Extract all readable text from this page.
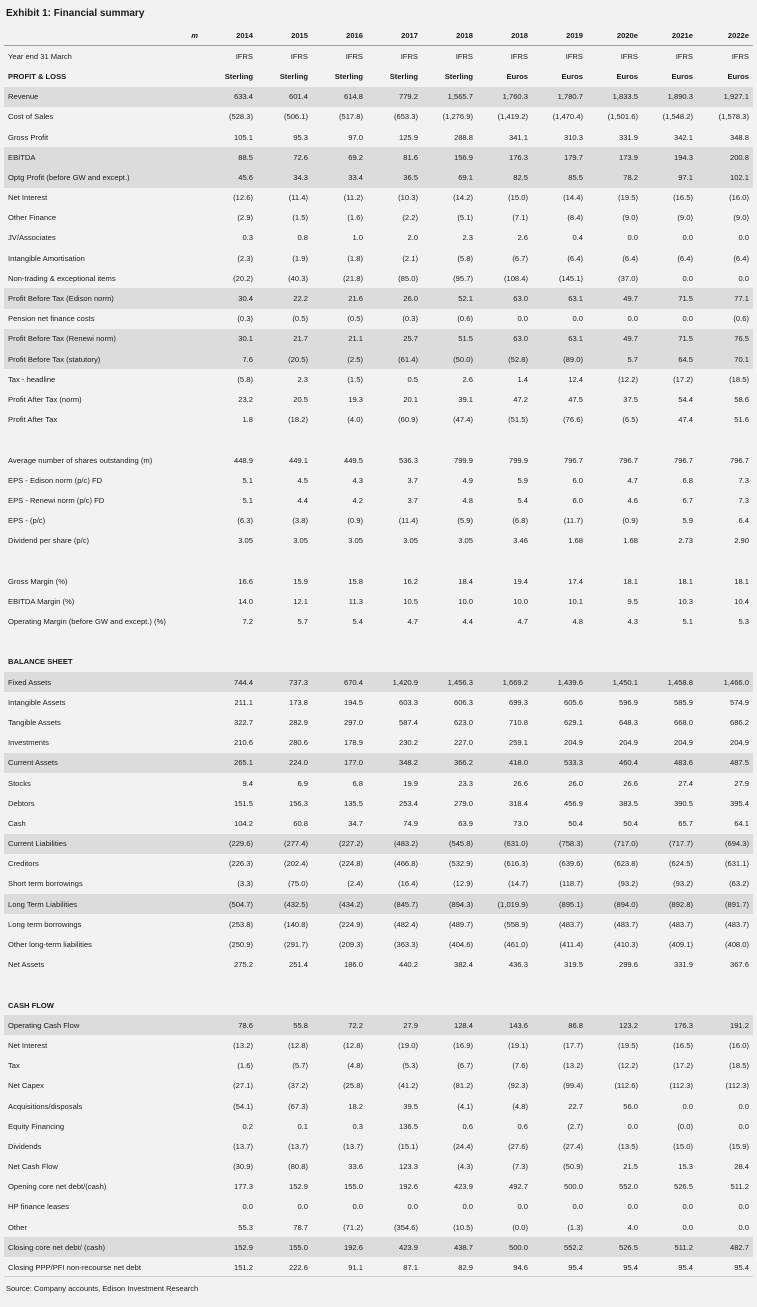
Exhibit 1: Financial summary
	m	2014	2015	2016	2017	2018	2018	2019	2020e	2021e	2022e
Year end 31 March		IFRS	IFRS	IFRS	IFRS	IFRS	IFRS	IFRS	IFRS	IFRS	IFRS
PROFIT & LOSS		Sterling	Sterling	Sterling	Sterling	Sterling	Euros	Euros	Euros	Euros	Euros
Revenue		633.4	601.4	614.8	779.2	1,565.7	1,760.3	1,780.7	1,833.5	1,890.3	1,927.1
Cost of Sales		(528.3)	(506.1)	(517.8)	(653.3)	(1,276.9)	(1,419.2)	(1,470.4)	(1,501.6)	(1,548.2)	(1,578.3)
Gross Profit		105.1	95.3	97.0	125.9	288.8	341.1	310.3	331.9	342.1	348.8
EBITDA		88.5	72.6	69.2	81.6	156.9	176.3	179.7	173.9	194.3	200.8
Optg Profit (before GW and except.)		45.6	34.3	33.4	36.5	69.1	82.5	85.5	78.2	97.1	102.1
Net Interest		(12.6)	(11.4)	(11.2)	(10.3)	(14.2)	(15.0)	(14.4)	(19.5)	(16.5)	(16.0)
Other Finance		(2.9)	(1.5)	(1.6)	(2.2)	(5.1)	(7.1)	(8.4)	(9.0)	(9.0)	(9.0)
JV/Associates		0.3	0.8	1.0	2.0	2.3	2.6	0.4	0.0	0.0	0.0
Intangible Amortisation		(2.3)	(1.9)	(1.8)	(2.1)	(5.8)	(6.7)	(6.4)	(6.4)	(6.4)	(6.4)
Non-trading & exceptional items		(20.2)	(40.3)	(21.8)	(85.0)	(95.7)	(108.4)	(145.1)	(37.0)	0.0	0.0
Profit Before Tax (Edison norm)		30.4	22.2	21.6	26.0	52.1	63.0	63.1	49.7	71.5	77.1
Pension net finance costs		(0.3)	(0.5)	(0.5)	(0.3)	(0.6)	0.0	0.0	0.0	0.0	(0.6)
Profit Before Tax (Renewi norm)		30.1	21.7	21.1	25.7	51.5	63.0	63.1	49.7	71.5	76.5
Profit Before Tax (statutory)		7.6	(20.5)	(2.5)	(61.4)	(50.0)	(52.8)	(89.0)	5.7	64.5	70.1
Tax - headline		(5.8)	2.3	(1.5)	0.5	2.6	1.4	12.4	(12.2)	(17.2)	(18.5)
Profit After Tax (norm)		23.2	20.5	19.3	20.1	39.1	47.2	47.5	37.5	54.4	58.6
Profit After Tax		1.8	(18.2)	(4.0)	(60.9)	(47.4)	(51.5)	(76.6)	(6.5)	47.4	51.6

Average number of shares outstanding (m)		448.9	449.1	449.5	536.3	799.9	799.9	796.7	796.7	796.7	796.7
EPS - Edison norm (p/c) FD		5.1	4.5	4.3	3.7	4.9	5.9	6.0	4.7	6.8	7.3
EPS - Renewi norm (p/c) FD		5.1	4.4	4.2	3.7	4.8	5.4	6.0	4.6	6.7	7.3
EPS - (p/c)		(6.3)	(3.8)	(0.9)	(11.4)	(5.9)	(6.8)	(11.7)	(0.9)	5.9	6.4
Dividend per share (p/c)		3.05	3.05	3.05	3.05	3.05	3.46	1.68	1.68	2.73	2.90

Gross Margin (%)		16.6	15.9	15.8	16.2	18.4	19.4	17.4	18.1	18.1	18.1
EBITDA Margin (%)		14.0	12.1	11.3	10.5	10.0	10.0	10.1	9.5	10.3	10.4
Operating Margin (before GW and except.) (%)		7.2	5.7	5.4	4.7	4.4	4.7	4.8	4.3	5.1	5.3

BALANCE SHEET											
Fixed Assets		744.4	737.3	670.4	1,420.9	1,456.3	1,669.2	1,439.6	1,450.1	1,458.8	1,466.0
Intangible Assets		211.1	173.8	194.5	603.3	606.3	699.3	605.6	596.9	585.9	574.9
Tangible Assets		322.7	282.9	297.0	587.4	623.0	710.8	629.1	648.3	668.0	686.2
Investments		210.6	280.6	178.9	230.2	227.0	259.1	204.9	204.9	204.9	204.9
Current Assets		265.1	224.0	177.0	348.2	366.2	418.0	533.3	460.4	483.6	487.5
Stocks		9.4	6.9	6.8	19.9	23.3	26.6	26.0	26.6	27.4	27.9
Debtors		151.5	156.3	135.5	253.4	279.0	318.4	456.9	383.5	390.5	395.4
Cash		104.2	60.8	34.7	74.9	63.9	73.0	50.4	50.4	65.7	64.1
Current Liabilities		(229.6)	(277.4)	(227.2)	(483.2)	(545.8)	(631.0)	(758.3)	(717.0)	(717.7)	(694.3)
Creditors		(226.3)	(202.4)	(224.8)	(466.8)	(532.9)	(616.3)	(639.6)	(623.8)	(624.5)	(631.1)
Short term borrowings		(3.3)	(75.0)	(2.4)	(16.4)	(12.9)	(14.7)	(118.7)	(93.2)	(93.2)	(63.2)
Long Term Liabilities		(504.7)	(432.5)	(434.2)	(845.7)	(894.3)	(1,019.9)	(895.1)	(894.0)	(892.8)	(891.7)
Long term borrowings		(253.8)	(140.8)	(224.9)	(482.4)	(489.7)	(558.9)	(483.7)	(483.7)	(483.7)	(483.7)
Other long-term liabilities		(250.9)	(291.7)	(209.3)	(363.3)	(404.6)	(461.0)	(411.4)	(410.3)	(409.1)	(408.0)
Net Assets		275.2	251.4	186.0	440.2	382.4	436.3	319.5	299.6	331.9	367.6

CASH FLOW											
Operating Cash Flow		78.6	55.8	72.2	27.9	128.4	143.6	86.8	123.2	176.3	191.2
Net Interest		(13.2)	(12.8)	(12.8)	(19.0)	(16.9)	(19.1)	(17.7)	(19.5)	(16.5)	(16.0)
Tax		(1.6)	(5.7)	(4.8)	(5.3)	(6.7)	(7.6)	(13.2)	(12.2)	(17.2)	(18.5)
Net Capex		(27.1)	(37.2)	(25.8)	(41.2)	(81.2)	(92.3)	(99.4)	(112.6)	(112.3)	(112.3)
Acquisitions/disposals		(54.1)	(67.3)	18.2	39.5	(4.1)	(4.8)	22.7	56.0	0.0	0.0
Equity Financing		0.2	0.1	0.3	136.5	0.6	0.6	(2.7)	0.0	(0.0)	0.0
Dividends		(13.7)	(13.7)	(13.7)	(15.1)	(24.4)	(27.6)	(27.4)	(13.5)	(15.0)	(15.9)
Net Cash Flow		(30.9)	(80.8)	33.6	123.3	(4.3)	(7.3)	(50.9)	21.5	15.3	28.4
Opening core net debt/(cash)		177.3	152.9	155.0	192.6	423.9	492.7	500.0	552.0	526.5	511.2
HP finance leases		0.0	0.0	0.0	0.0	0.0	0.0	0.0	0.0	0.0	0.0
Other		55.3	78.7	(71.2)	(354.6)	(10.5)	(0.0)	(1.3)	4.0	0.0	0.0
Closing core net debt/ (cash)		152.9	155.0	192.6	423.9	438.7	500.0	552.2	526.5	511.2	482.7
Closing PPP/PFI non-recourse net debt		151.2	222.6	91.1	87.1	82.9	94.6	95.4	95.4	95.4	95.4
Source: Company accounts, Edison Investment Research
